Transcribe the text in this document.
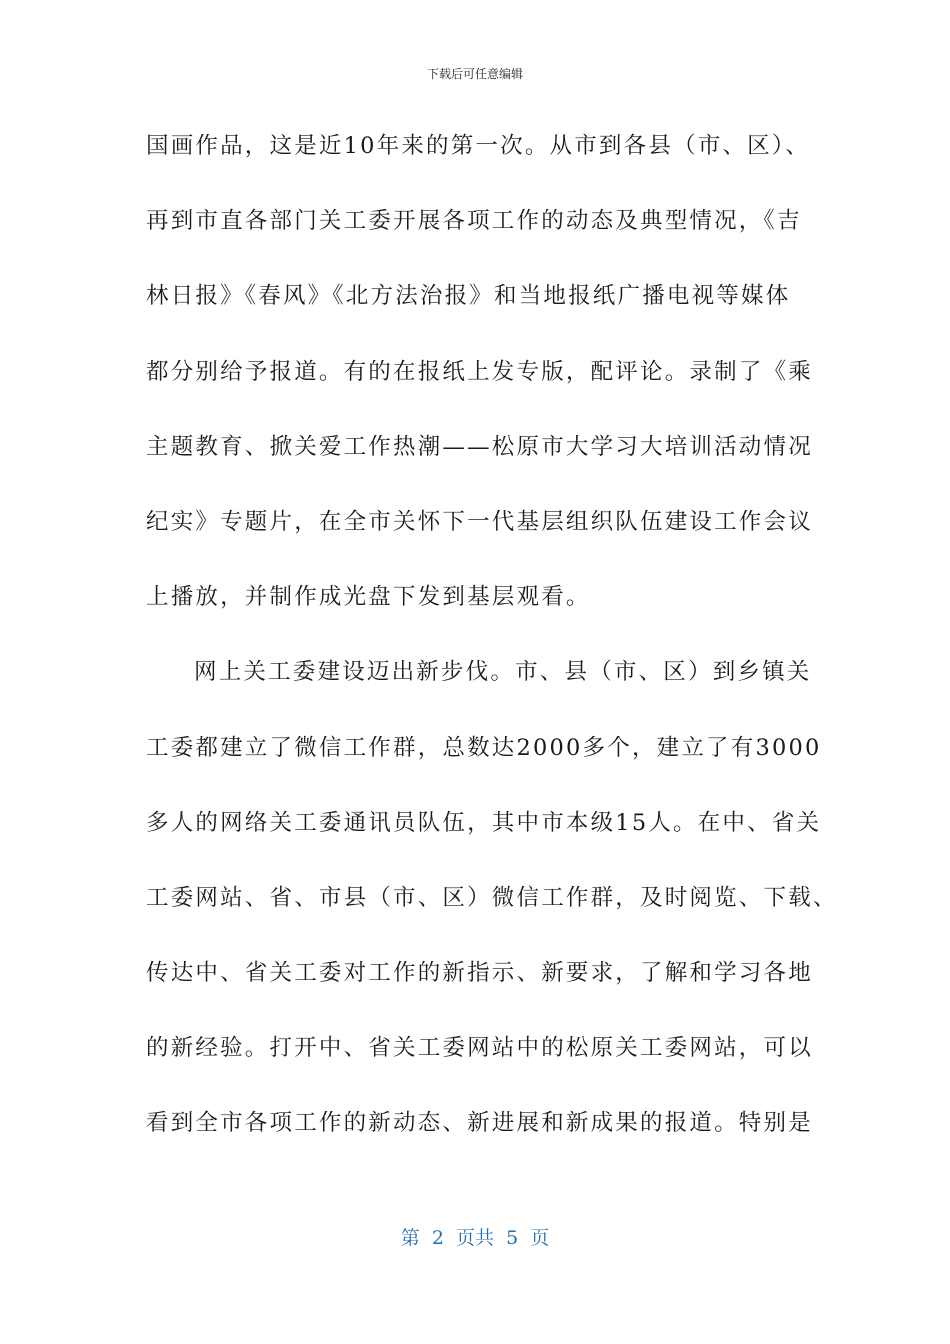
下载后可任意编辑
国画作品，这是近10年来的第一次。从市到各县（市、区）、
再到市直各部门关工委开展各项工作的动态及典型情况，《吉
林日报》《春风》《北方法治报》和当地报纸广播电视等媒体
都分别给予报道。有的在报纸上发专版，配评论。录制了《乘
主题教育、掀关爱工作热潮——松原市大学习大培训活动情况
纪实》专题片，在全市关怀下一代基层组织队伍建设工作会议
上播放，并制作成光盘下发到基层观看。
网上关工委建设迈出新步伐。市、县（市、区）到乡镇关
工委都建立了微信工作群，总数达2000多个，建立了有3000
多人的网络关工委通讯员队伍，其中市本级15人。在中、省关
工委网站、省、市县（市、区）微信工作群，及时阅览、下载、
传达中、省关工委对工作的新指示、新要求，了解和学习各地
的新经验。打开中、省关工委网站中的松原关工委网站，可以
看到全市各项工作的新动态、新进展和新成果的报道。特别是
第  2  页共  5  页
